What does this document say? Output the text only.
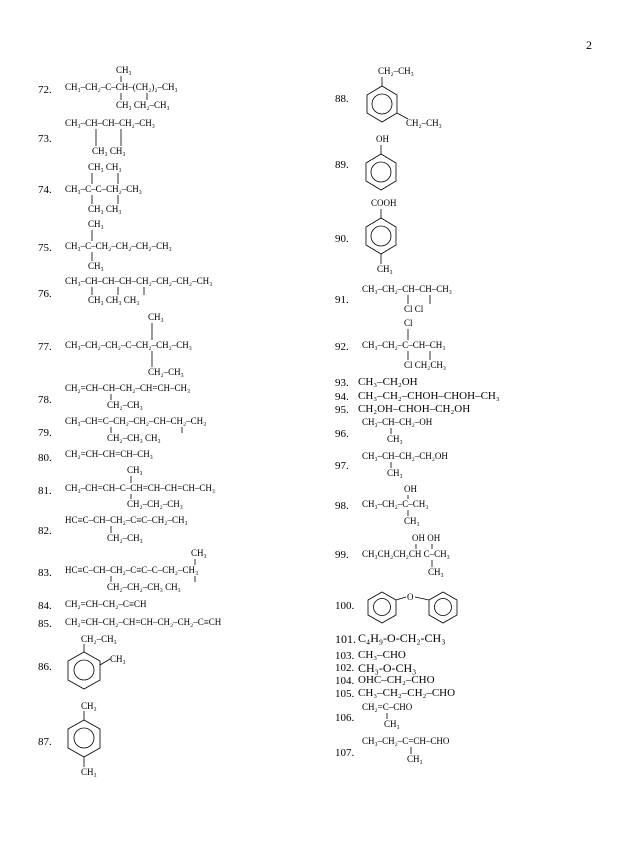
2
72.
73.
74.
75.
76.
77.
78.
79.
80.
81.
82.
83.
84.
85.
86.
87.
88.
89.
90.
91.
92.
93.
94.
95.
96.
97.
98.
99.
100.
101.
103.
102.
104.
105.
106.
107.
CH₃
CH₃–CH₂–C–CH–(CH₂)₂–CH₃
CH₃ CH₂–CH₃
CH₃–CH–CH–CH₂–CH₃
CH₃ CH₃
CH₃ CH₃
CH₃–C–C–CH₂–CH₃
CH₃ CH₃
CH₃
CH₃–C–CH₂–CH₂–CH₂–CH₃
CH₃
CH₃–CH–CH–CH–CH₂–CH₂–CH₂–CH₃
CH₃ CH₃ CH₃
CH₃
CH₃–CH₂–CH₂–C–CH₂–CH₂–CH₃
CH₂–CH₃
CH₂=CH–CH–CH₂–CH=CH–CH₃
CH₂–CH₃
CH₃–CH=C–CH₂–CH₂–CH–CH₂–CH₃
CH₂–CH₃ CH₃
CH₂=CH–CH=CH–CH₃
CH₃
CH₃–CH=CH–C–CH=CH–CH=CH–CH₃
CH₂–CH₂–CH₃
HC≡C–CH–CH₂–C≡C–CH₂–CH₃
CH₂–CH₃
CH₃
HC≡C–CH–CH₂–C≡C–C–CH₂–CH₃
CH₂–CH₂–CH₃ CH₃
CH₂=CH–CH₂–C≡CH
CH₂=CH–CH₂–CH=CH–CH₂–CH₂–C≡CH
CH₂–CH₃
CH₃
CH₃
CH₃
CH₂–CH₃
CH₂–CH₃
OH
COOH
CH₃
CH₃–CH₂–CH–CH–CH₃
Cl Cl
Cl
CH₃–CH₂–C–CH–CH₃
Cl CH₂CH₃
CH₃–CH₂OH
CH₃–CH₂–CHOH–CHOH–CH₃
CH₂OH–CHOH–CH₂OH
CH₃–CH–CH₂–OH
CH₃
CH₃–CH–CH₂–CH₂OH
CH₃
OH
CH₃–CH₂–C–CH₃
CH₃
OH OH
CH₃CH₂CH₂CH C–CH₃
CH₃
O
C₄H₉-O-CH₂-CH₃
CH₃–CHO
CH₃-O-CH₃
OHC–CH₂–CHO
CH₃–CH₂–CH₂–CHO
CH₂=C–CHO
CH₃
CH₃–CH₂–C=CH–CHO
CH₃
